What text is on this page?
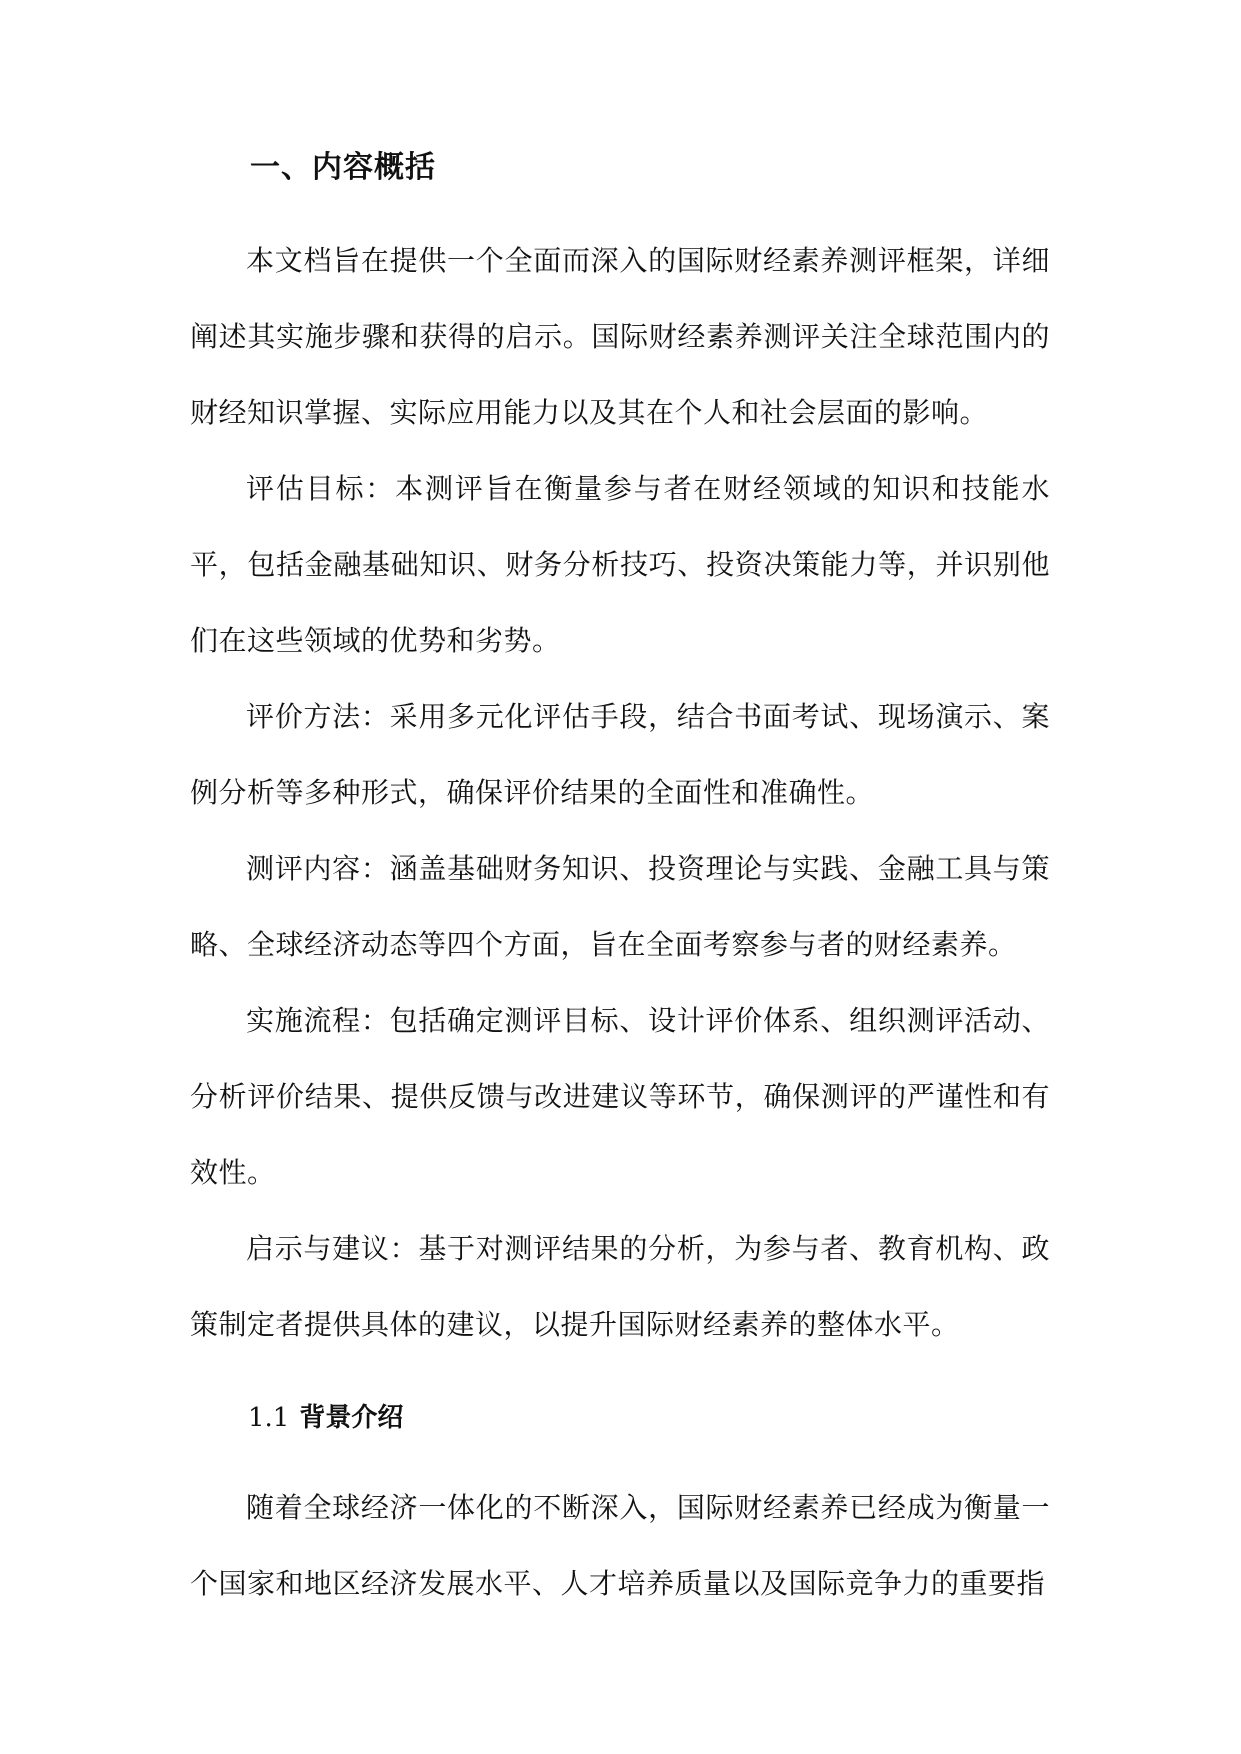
一、内容概括

本文档旨在提供一个全面而深入的国际财经素养测评框架，详细阐述其实施步骤和获得的启示。国际财经素养测评关注全球范围内的财经知识掌握、实际应用能力以及其在个人和社会层面的影响。

评估目标：本测评旨在衡量参与者在财经领域的知识和技能水平，包括金融基础知识、财务分析技巧、投资决策能力等，并识别他们在这些领域的优势和劣势。

评价方法：采用多元化评估手段，结合书面考试、现场演示、案例分析等多种形式，确保评价结果的全面性和准确性。

测评内容：涵盖基础财务知识、投资理论与实践、金融工具与策略、全球经济动态等四个方面，旨在全面考察参与者的财经素养。

实施流程：包括确定测评目标、设计评价体系、组织测评活动、分析评价结果、提供反馈与改进建议等环节，确保测评的严谨性和有效性。

启示与建议：基于对测评结果的分析，为参与者、教育机构、政策制定者提供具体的建议，以提升国际财经素养的整体水平。

1.1 背景介绍

随着全球经济一体化的不断深入，国际财经素养已经成为衡量一个国家和地区经济发展水平、人才培养质量以及国际竞争力的重要指
